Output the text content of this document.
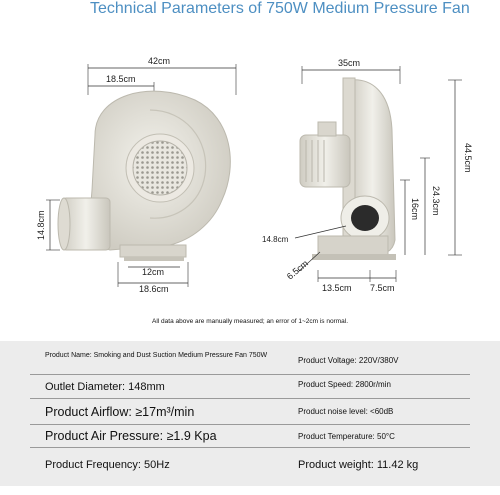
Technical Parameters of 750W Medium Pressure Fan
42cm
18.5cm
14.8cm
12cm
18.6cm
35cm
44.5cm
24.3cm
16cm
14.8cm
6.5cm
13.5cm 7.5cm
All data above are manually measured; an error of 1~2cm is normal.
Product Name: Smoking and Dust Suction Medium Pressure Fan 750W
Outlet Diameter: 148mm
Product Airflow: ≥17m³/min
Product Air Pressure: ≥1.9 Kpa
Product Frequency: 50Hz
Product Voltage: 220V/380V
Product Speed: 2800r/min
Product noise level: <60dB
Product Temperature: 50°C
Product weight: 11.42 kg
